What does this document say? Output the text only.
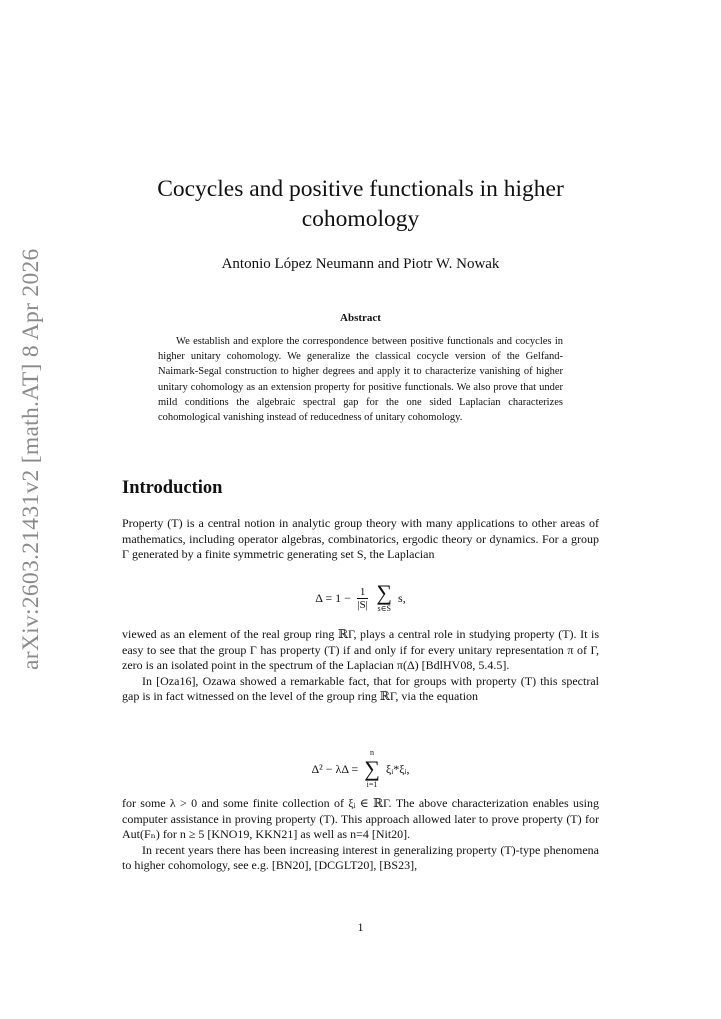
arXiv:2603.21431v2 [math.AT] 8 Apr 2026
Cocycles and positive functionals in higher
cohomology
Antonio López Neumann and Piotr W. Nowak
Abstract
We establish and explore the correspondence between positive functionals and cocycles in higher unitary cohomology. We generalize the classical cocycle version of the Gelfand-Naimark-Segal construction to higher degrees and apply it to characterize vanishing of higher unitary cohomology as an extension property for positive functionals. We also prove that under mild conditions the algebraic spectral gap for the one sided Laplacian characterizes cohomological vanishing instead of reducedness of unitary cohomology.
Introduction
Property (T) is a central notion in analytic group theory with many applications to other areas of mathematics, including operator algebras, combinatorics, ergodic theory or dynamics. For a group Γ generated by a finite symmetric generating set S, the Laplacian
$\Delta = 1 - \frac{1}{|S|}$ ∑
s∈S
s,
viewed as an element of the real group ring ℝΓ, plays a central role in studying property (T). It is easy to see that the group Γ has property (T) if and only if for every unitary representation π of Γ, zero is an isolated point in the spectrum of the Laplacian π(Δ) [BdlHV08, 5.4.5].
In [Oza16], Ozawa showed a remarkable fact, that for groups with property (T) this spectral gap is in fact witnessed on the level of the group ring ℝΓ, via the equation
Δ² − λΔ =
n
∑
i=1
ξᵢ*ξᵢ,
for some λ > 0 and some finite collection of ξᵢ ∈ ℝΓ. The above characterization enables using computer assistance in proving property (T). This approach allowed later to prove property (T) for Aut(Fₙ) for n ≥ 5 [KNO19, KKN21] as well as n=4 [Nit20].
In recent years there has been increasing interest in generalizing property (T)-type phenomena to higher cohomology, see e.g. [BN20], [DCGLT20], [BS23],
1
